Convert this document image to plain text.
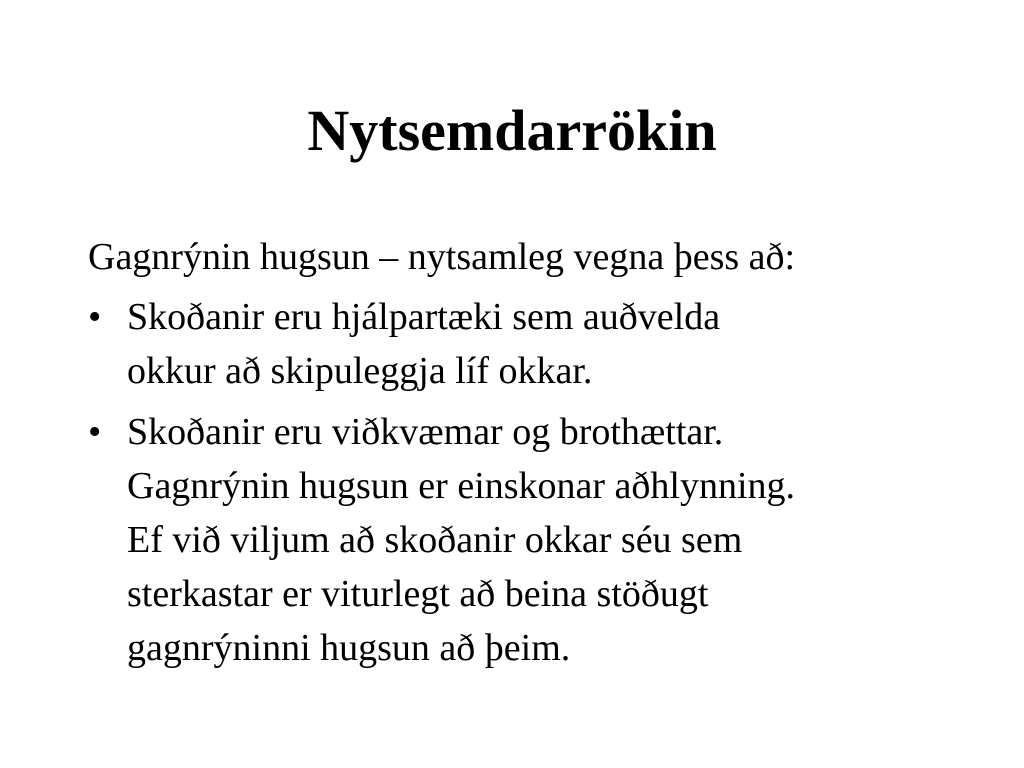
Nytsemdarrökin

Gagnrýnin hugsun – nytsamleg vegna þess að:

• Skoðanir eru hjálpartæki sem auðvelda
okkur að skipuleggja líf okkar.
• Skoðanir eru viðkvæmar og brothættar.
Gagnrýnin hugsun er einskonar aðhlynning.
Ef við viljum að skoðanir okkar séu sem
sterkastar er viturlegt að beina stöðugt
gagnrýninni hugsun að þeim.
